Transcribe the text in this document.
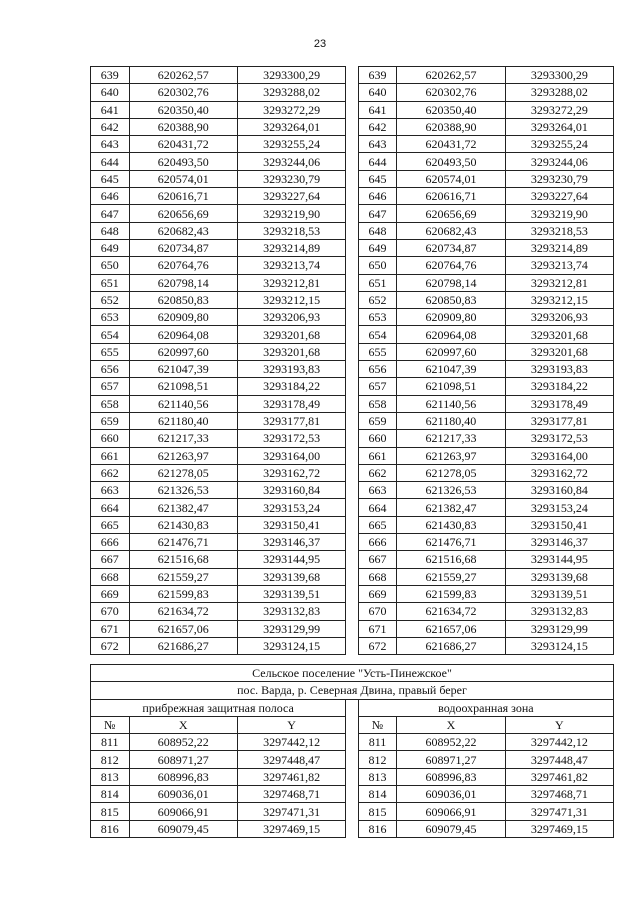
23
639	620262,57	3293300,29		639	620262,57	3293300,29
640	620302,76	3293288,02		640	620302,76	3293288,02
641	620350,40	3293272,29		641	620350,40	3293272,29
642	620388,90	3293264,01		642	620388,90	3293264,01
643	620431,72	3293255,24		643	620431,72	3293255,24
644	620493,50	3293244,06		644	620493,50	3293244,06
645	620574,01	3293230,79		645	620574,01	3293230,79
646	620616,71	3293227,64		646	620616,71	3293227,64
647	620656,69	3293219,90		647	620656,69	3293219,90
648	620682,43	3293218,53		648	620682,43	3293218,53
649	620734,87	3293214,89		649	620734,87	3293214,89
650	620764,76	3293213,74		650	620764,76	3293213,74
651	620798,14	3293212,81		651	620798,14	3293212,81
652	620850,83	3293212,15		652	620850,83	3293212,15
653	620909,80	3293206,93		653	620909,80	3293206,93
654	620964,08	3293201,68		654	620964,08	3293201,68
655	620997,60	3293201,68		655	620997,60	3293201,68
656	621047,39	3293193,83		656	621047,39	3293193,83
657	621098,51	3293184,22		657	621098,51	3293184,22
658	621140,56	3293178,49		658	621140,56	3293178,49
659	621180,40	3293177,81		659	621180,40	3293177,81
660	621217,33	3293172,53		660	621217,33	3293172,53
661	621263,97	3293164,00		661	621263,97	3293164,00
662	621278,05	3293162,72		662	621278,05	3293162,72
663	621326,53	3293160,84		663	621326,53	3293160,84
664	621382,47	3293153,24		664	621382,47	3293153,24
665	621430,83	3293150,41		665	621430,83	3293150,41
666	621476,71	3293146,37		666	621476,71	3293146,37
667	621516,68	3293144,95		667	621516,68	3293144,95
668	621559,27	3293139,68		668	621559,27	3293139,68
669	621599,83	3293139,51		669	621599,83	3293139,51
670	621634,72	3293132,83		670	621634,72	3293132,83
671	621657,06	3293129,99		671	621657,06	3293129,99
672	621686,27	3293124,15		672	621686,27	3293124,15
Сельское поселение "Усть-Пинежское"						
пос. Варда, р. Северная Двина, правый берег						
прибрежная защитная полоса				водоохранная зона		
№	X	Y		№	X	Y
811	608952,22	3297442,12		811	608952,22	3297442,12
812	608971,27	3297448,47		812	608971,27	3297448,47
813	608996,83	3297461,82		813	608996,83	3297461,82
814	609036,01	3297468,71		814	609036,01	3297468,71
815	609066,91	3297471,31		815	609066,91	3297471,31
816	609079,45	3297469,15		816	609079,45	3297469,15
